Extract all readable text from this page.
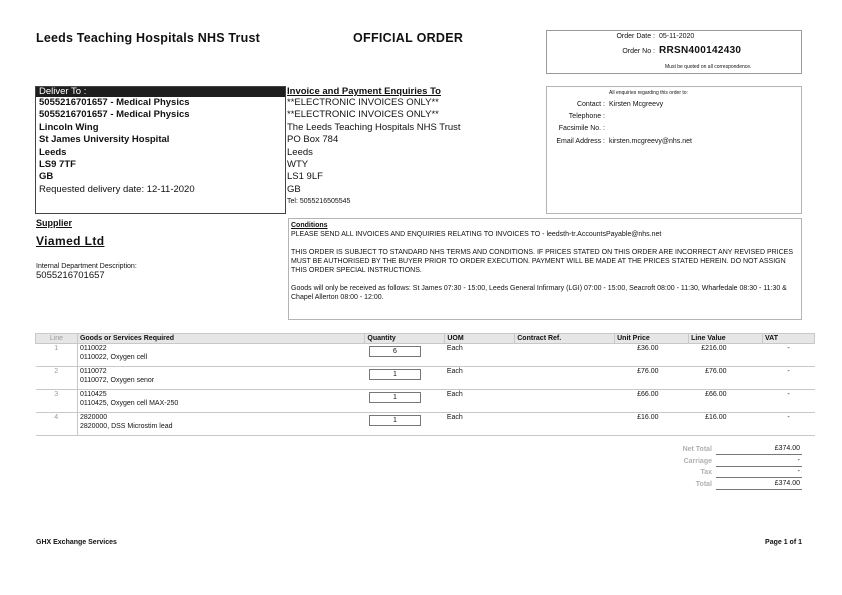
Leeds Teaching Hospitals NHS Trust	OFFICIAL ORDER	Order Date : 05-11-2020
Order No : RRSN400142430
Must be quoted on all correspondence.
Deliver To :
5055216701657 - Medical Physics
5055216701657 - Medical Physics
Lincoln Wing
St James University Hospital
Leeds
LS9 7TF
GB
Requested delivery date: 12-11-2020
Invoice and Payment Enquiries To
**ELECTRONIC INVOICES ONLY**
**ELECTRONIC INVOICES ONLY**
The Leeds Teaching Hospitals NHS Trust
PO Box 784
Leeds
WTY
LS1 9LF
GB
Tel: 5055216505545
All enquiries regarding this order to:
Contact : Kirsten Mcgreevy
Telephone :
Facsimile No. :
Email Address : kirsten.mcgreevy@nhs.net
Supplier
Viamed Ltd
Internal Department Description:
5055216701657
Conditions
PLEASE SEND ALL INVOICES AND ENQUIRIES RELATING TO INVOICES TO - leedsth-tr.AccountsPayable@nhs.net
THIS ORDER IS SUBJECT TO STANDARD NHS TERMS AND CONDITIONS. IF PRICES STATED ON THIS ORDER ARE INCORRECT ANY REVISED PRICES MUST BE AUTHORISED BY THE BUYER PRIOR TO ORDER EXECUTION. PAYMENT WILL BE MADE AT THE PRICES STATED HEREIN. DO NOT ASSIGN THIS ORDER SPECIAL INSTRUCTIONS.
Goods will only be received as follows: St James 07:30 - 15:00, Leeds General Infirmary (LGI) 07:00 - 15:00, Seacroft 08:00 - 11:30, Wharfedale 08:30 - 11:30 & Chapel Allerton 08:00 - 12:00.
Line	Goods or Services Required	Quantity	UOM	Contract Ref.	Unit Price	Line Value	VAT
1	0110022
0110022, Oxygen cell	6	Each		£36.00	£216.00	-
2	0110072
0110072, Oxygen senor	1	Each		£76.00	£76.00	-
3	0110425
0110425, Oxygen cell MAX-250	1	Each		£66.00	£66.00	-
4	2820000
2820000, DSS Microstim lead	1	Each		£16.00	£16.00	-
Net Total	£374.00
Carriage	-
Tax	-
Total	£374.00
GHX Exchange Services	Page 1 of 1
